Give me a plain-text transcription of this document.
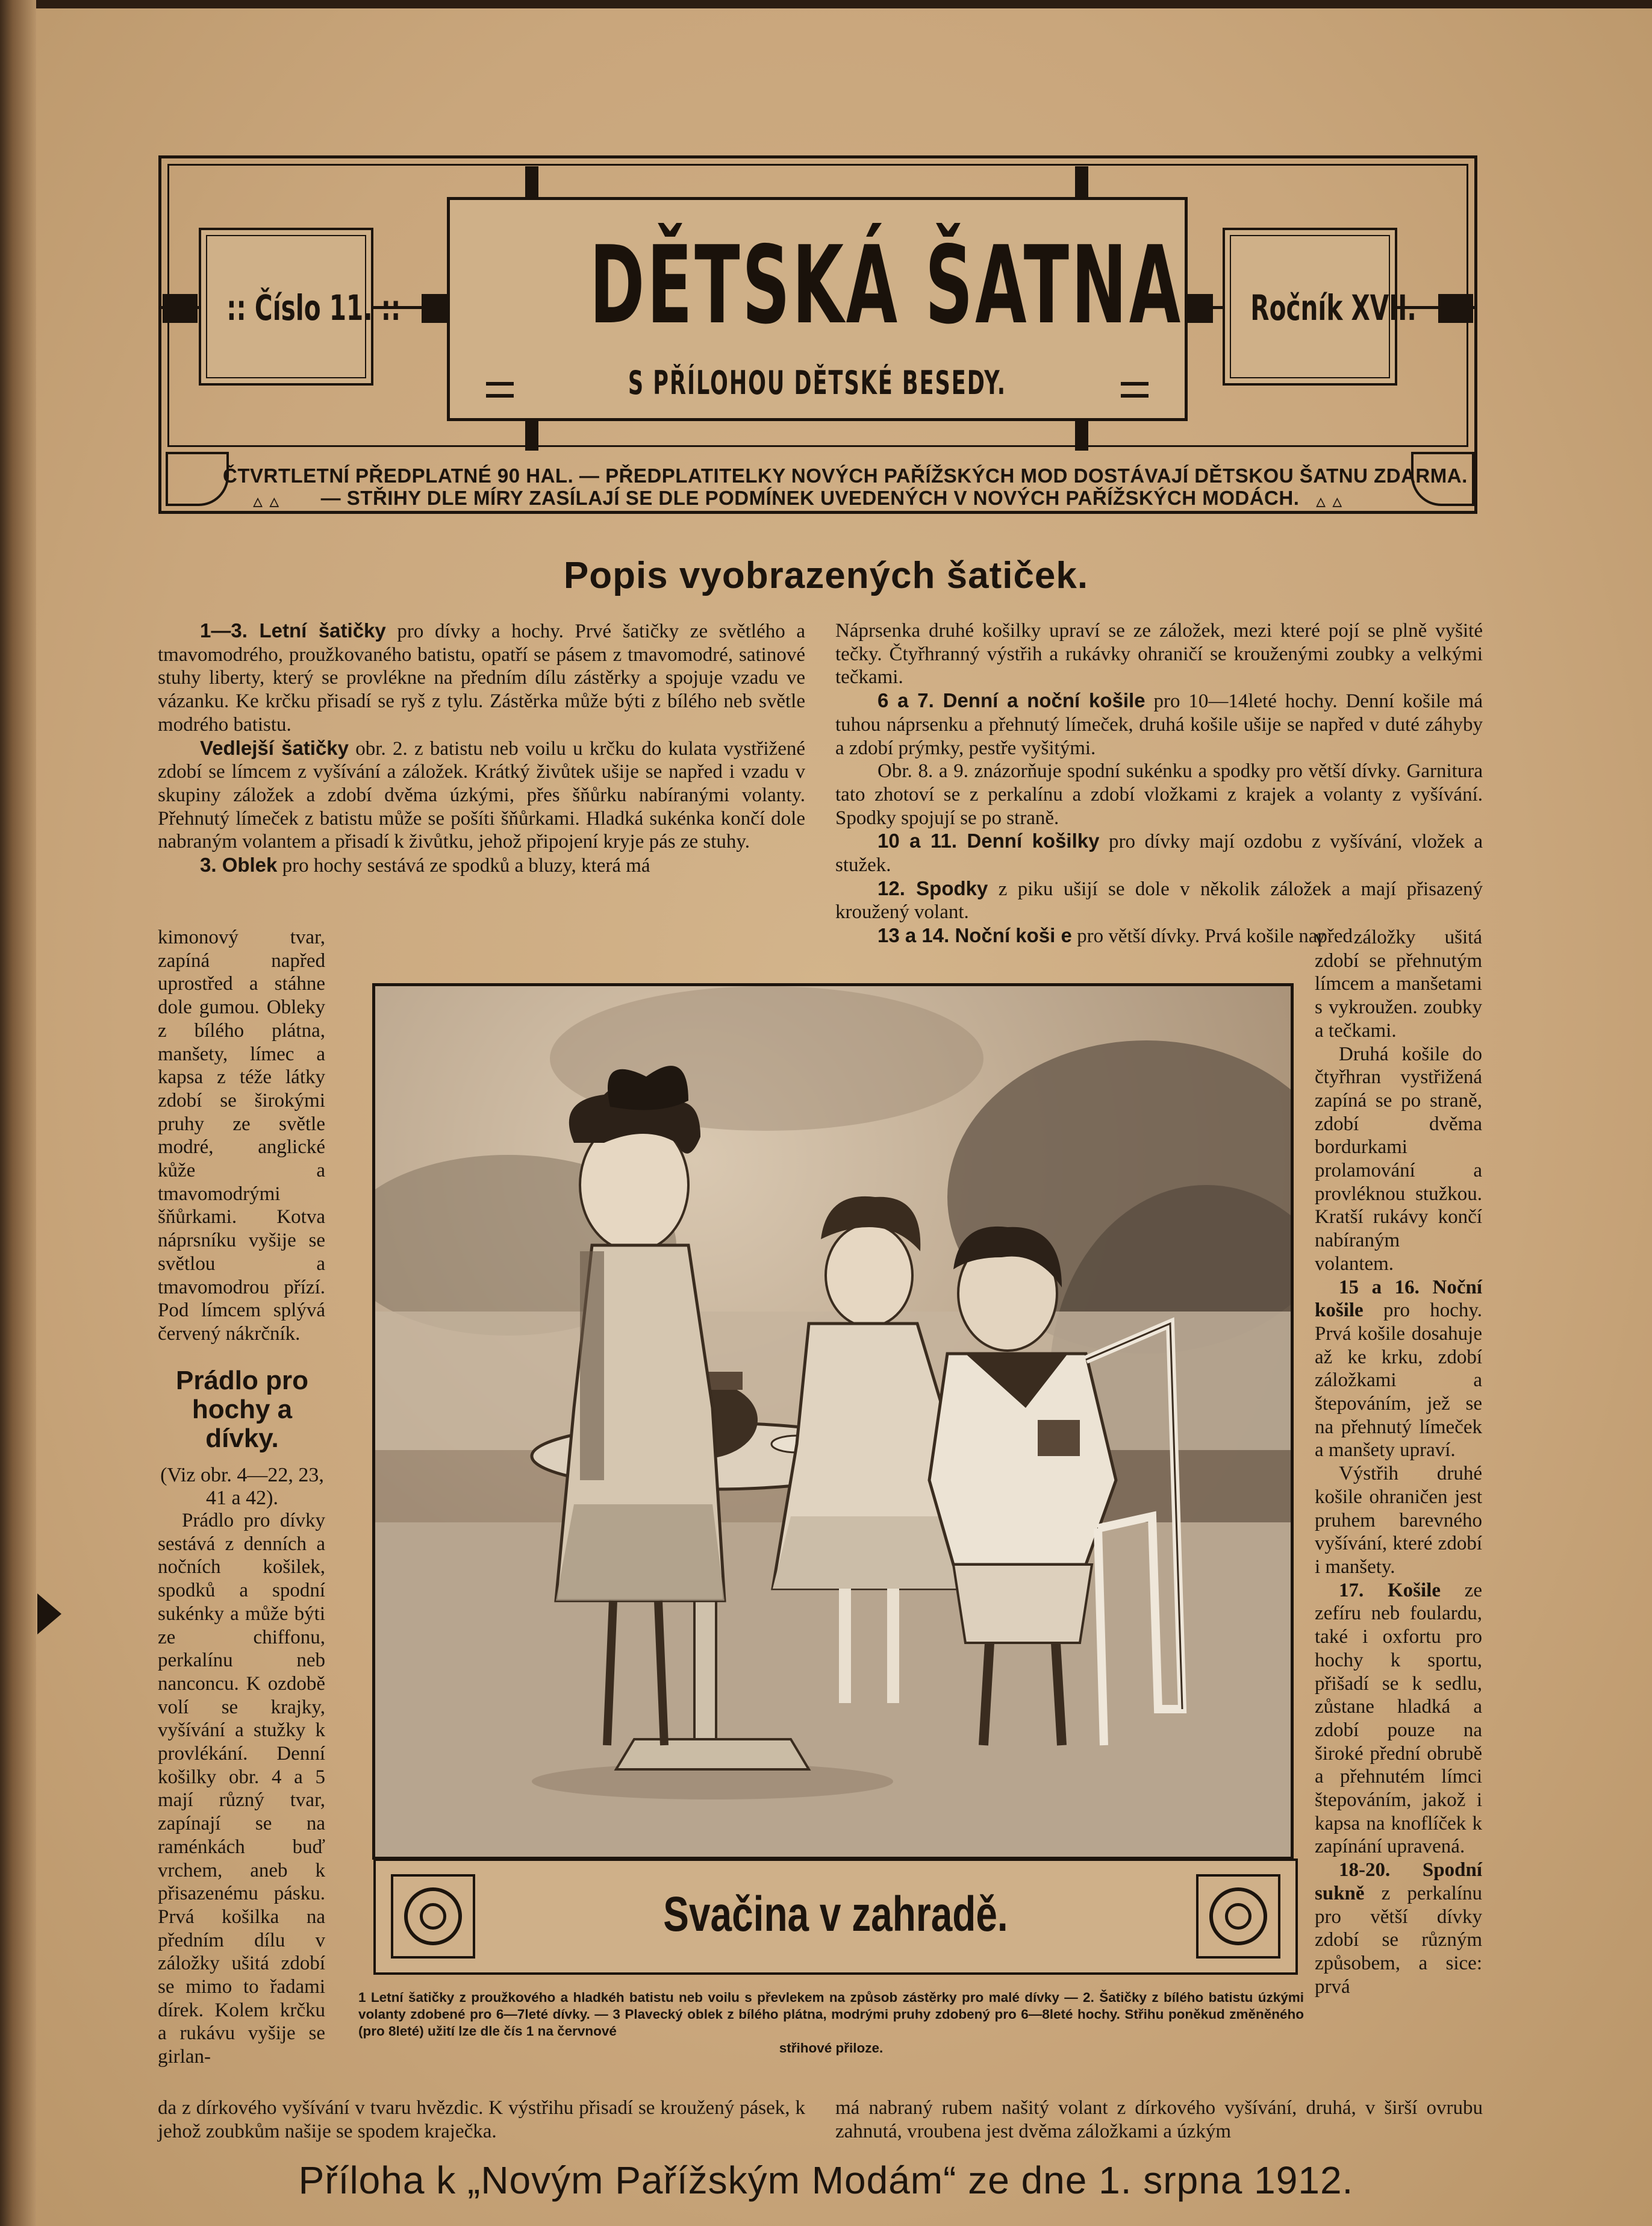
:: Číslo 11. ::	Ročník XVII.
DĚTSKÁ ŠATNA
S PŘÍLOHOU DĚTSKÉ BESEDY.
ČTVRTLETNÍ PŘEDPLATNÉ 90 HAL. — PŘEDPLATITELKY NOVÝCH PAŘÍŽSKÝCH MOD DOSTÁVAJÍ DĚTSKOU ŠATNU ZDARMA.
▵ ▵	— STŘIHY DLE MÍRY ZASÍLAJÍ SE DLE PODMÍNEK UVEDENÝCH V NOVÝCH PAŘÍŽSKÝCH MODÁCH. ▵ ▵
Popis vyobrazených šatiček.

1—3. Letní šatičky pro dívky a hochy. Prvé šatičky ze světlého a tmavomodrého, proužkovaného batistu, opatří se pásem z tmavomodré, satinové stuhy liberty, který se provlékne na předním dílu zástěrky a spojuje vzadu ve vázanku. Ke krčku přisadí se ryš z tylu. Zástěrka může býti z bílého neb světle modrého batistu.

Vedlejší šatičky obr. 2. z batistu neb voilu u krčku do kulata vystřižené zdobí se límcem z vyšívání a záložek. Krátký živůtek ušije se napřed i vzadu v skupiny záložek a zdobí dvěma úzkými, přes šňůrku nabíranými volanty. Přehnutý límeček z batistu může se pošíti šňůrkami. Hladká sukénka končí dole nabraným volantem a přisadí k živůtku, jehož připojení kryje pás ze stuhy.

3. Oblek pro hochy sestává ze spodků a bluzy, která má

kimonový tvar, zapíná napřed uprostřed a stáhne dole gumou. Obleky z bílého plátna, manšety, límec a kapsa z téže látky zdobí se širokými pruhy ze světle modré, anglické kůže a tmavomodrými šňůrkami. Kotva náprsníku vyšije se světlou a tmavomodrou přízí. Pod límcem splývá červený nákrčník.
Prádlo pro hochy a dívky.
(Viz obr. 4—22, 23, 41 a 42).

Prádlo pro dívky sestává z denních a nočních košilek, spodků a spodní sukénky a může býti ze chiffonu, perkalínu neb nanconcu. K ozdobě volí se krajky, vyšívání a stužky k provlékání. Denní košilky obr. 4 a 5 mají různý tvar, zapínají se na raménkách buď vrchem, aneb k přisazenému pásku. Prvá košilka na předním dílu v záložky ušitá zdobí se mimo to řadami dírek. Kolem krčku a rukávu vyšije se girlan-

Náprsenka druhé košilky upraví se ze záložek, mezi které pojí se plně vyšité tečky. Čtyřhranný výstřih a rukávky ohraničí se krouženými zoubky a velkými tečkami.

6 a 7. Denní a noční košile pro 10—14leté hochy. Denní košile má tuhou náprsenku a přehnutý límeček, druhá košile ušije se napřed v duté záhyby a zdobí prýmky, pestře vyšitými.

Obr. 8. a 9. znázorňuje spodní sukénku a spodky pro větší dívky. Garnitura tato zhotoví se z perkalínu a zdobí vložkami z krajek a volanty z vyšívání. Spodky spojují se po straně.

10 a 11. Denní košilky pro dívky mají ozdobu z vyšívání, vložek a stužek.

12. Spodky z piku ušijí se dole v několik záložek a mají přisazený kroužený volant.

13 a 14. Noční koši e pro větší dívky. Prvá košile napřed

v záložky ušitá zdobí se přehnutým límcem a manšetami s vykroužen. zoubky a tečkami.

Druhá košile do čtyřhran vystřižená zapíná se po straně, zdobí dvěma bordurkami prolamování a provléknou stužkou. Kratší rukávy končí nabíraným volantem.

15 a 16. Noční košile pro hochy. Prvá košile dosahuje až ke krku, zdobí záložkami a štepováním, jež se na přehnutý límeček a manšety upraví.

Výstřih druhé košile ohraničen jest pruhem barevného vyšívání, které zdobí i manšety.

17. Košile ze zefíru neb foulardu, také i oxfortu pro hochy k sportu, přišadí se k sedlu, zůstane hladká a zdobí pouze na široké přední obrubě a přehnutém límci štepováním, jakož i kapsa na knoflíček k zapínání upravená.

18-20. Spodní sukně z perkalínu pro větší dívky zdobí se různým způsobem, a sice: prvá

Svačina v zahradě.
1 Letní šatičky z proužkového a hladkéh batistu neb voilu s převlekem na způsob zástěrky pro malé dívky — 2. Šatičky z bílého batistu úzkými volanty zdobené pro 6—7leté dívky. — 3 Plavecký oblek z bílého plátna, modrými pruhy zdobený pro 6—8leté hochy. Střihu poněkud změněného (pro 8leté) užití lze dle čís 1 na červnové
střihové přiloze.

da z dírkového vyšívání v tvaru hvězdic. K výstřihu přisadí se kroužený pásek, k jehož zoubkům našije se spodem kraječka.

má nabraný rubem našitý volant z dírkového vyšívání, druhá, v širší ovrubu zahnutá, vroubena jest dvěma záložkami a úzkým

Příloha k „Novým Pařížským Modám“ ze dne 1. srpna 1912.
